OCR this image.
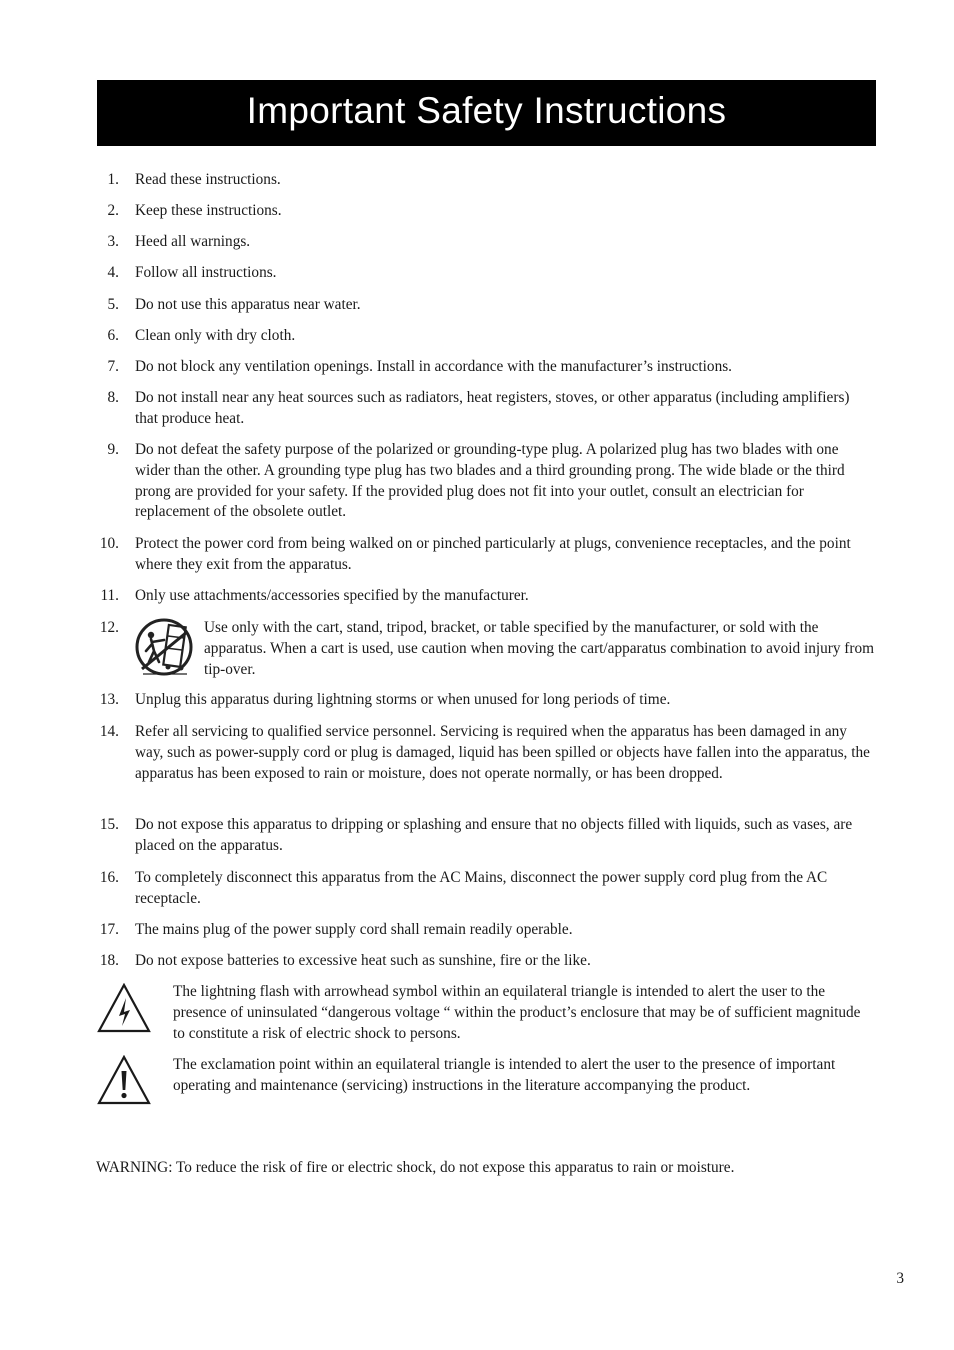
Important Safety Instructions
1. Read these instructions.
2. Keep these instructions.
3. Heed all warnings.
4. Follow all instructions.
5. Do not use this apparatus near water.
6. Clean only with dry cloth.
7. Do not block any ventilation openings. Install in accordance with the manufacturer’s instructions.
8. Do not install near any heat sources such as radiators, heat registers, stoves, or other apparatus (including amplifiers) that produce heat.
9. Do not defeat the safety purpose of the polarized or grounding-type plug. A polarized plug has two blades with one wider than the other. A grounding type plug has two blades and a third grounding prong. The wide blade or the third prong are provided for your safety. If the provided plug does not fit into your outlet, consult an electrician for replacement of the obsolete outlet.
10. Protect the power cord from being walked on or pinched particularly at plugs, convenience receptacles, and the point where they exit from the apparatus.
11. Only use attachments/accessories specified by the manufacturer.
12.	Use only with the cart, stand, tripod, bracket, or table specified by the manufacturer, or sold with the apparatus. When a cart is used, use caution when moving the cart/apparatus combination to avoid injury from tip-over.
13. Unplug this apparatus during lightning storms or when unused for long periods of time.
14. Refer all servicing to qualified service personnel. Servicing is required when the apparatus has been damaged in any way, such as power-supply cord or plug is damaged, liquid has been spilled or objects have fallen into the apparatus, the apparatus has been exposed to rain or moisture, does not operate normally, or has been dropped.
15. Do not expose this apparatus to dripping or splashing and ensure that no objects filled with liquids, such as vases, are placed on the apparatus.
16. To completely disconnect this apparatus from the AC Mains, disconnect the power supply cord plug from the AC receptacle.
17. The mains plug of the power supply cord shall remain readily operable.
18. Do not expose batteries to excessive heat such as sunshine, fire or the like.
The lightning flash with arrowhead symbol within an equilateral triangle is intended to alert the user to the presence of uninsulated “dangerous voltage “ within the product’s enclosure that may be of sufficient magnitude to constitute a risk of electric shock to persons.
The exclamation point within an equilateral triangle is intended to alert the user to the presence of important operating and maintenance (servicing) instructions in the literature accompanying the product.
WARNING: To reduce the risk of fire or electric shock, do not expose this apparatus to rain or moisture.
3
